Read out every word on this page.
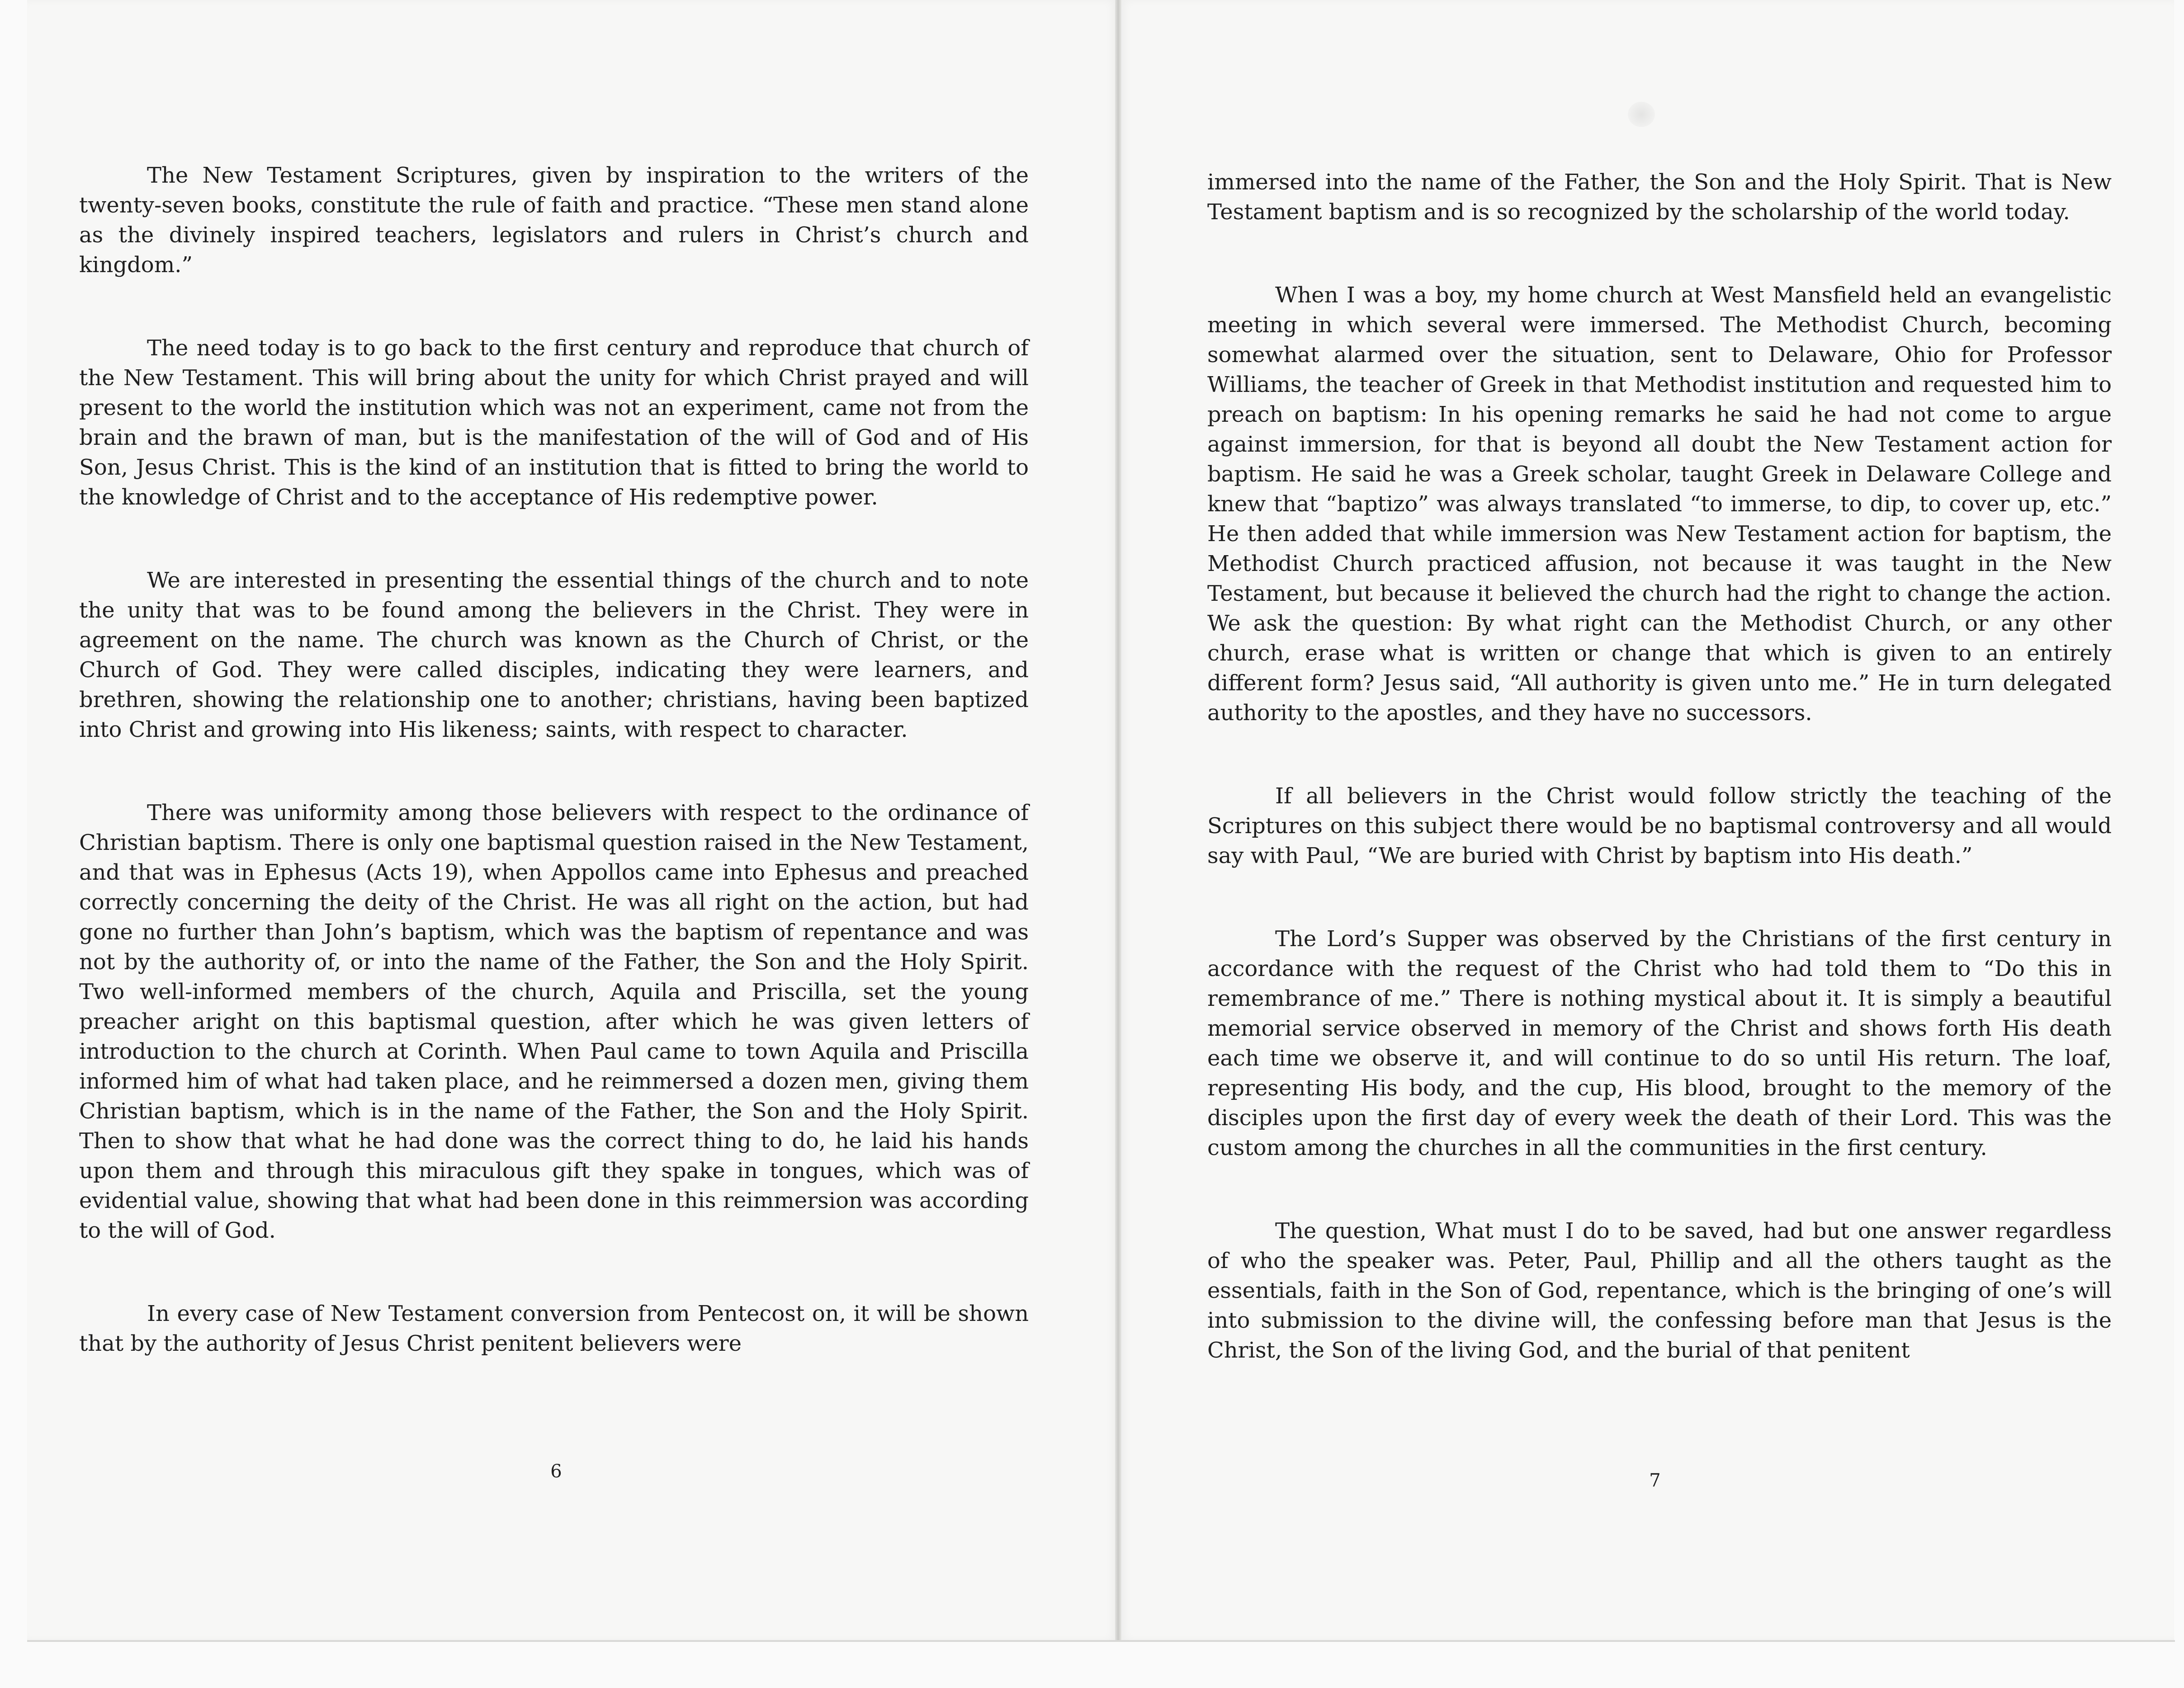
The New Testament Scriptures, given by inspiration to the writers of the twenty-seven books, constitute the rule of faith and practice. “These men stand alone as the divinely inspired teachers, legislators and rulers in Christ’s church and kingdom.”

The need today is to go back to the first century and reproduce that church of the New Testament. This will bring about the unity for which Christ prayed and will present to the world the institution which was not an experiment, came not from the brain and the brawn of man, but is the manifestation of the will of God and of His Son, Jesus Christ. This is the kind of an institution that is fitted to bring the world to the knowledge of Christ and to the acceptance of His redemptive power.

We are interested in presenting the essential things of the church and to note the unity that was to be found among the believers in the Christ. They were in agreement on the name. The church was known as the Church of Christ, or the Church of God. They were called disciples, indicating they were learners, and brethren, showing the relationship one to another; christians, having been baptized into Christ and growing into His likeness; saints, with respect to character.

There was uniformity among those believers with respect to the ordinance of Christian baptism. There is only one baptismal question raised in the New Testament, and that was in Ephesus (Acts 19), when Appollos came into Ephesus and preached correctly concerning the deity of the Christ. He was all right on the action, but had gone no further than John’s baptism, which was the baptism of repentance and was not by the authority of, or into the name of the Father, the Son and the Holy Spirit. Two well-informed members of the church, Aquila and Priscilla, set the young preacher aright on this baptismal question, after which he was given letters of introduction to the church at Corinth. When Paul came to town Aquila and Priscilla informed him of what had taken place, and he reimmersed a dozen men, giving them Christian baptism, which is in the name of the Father, the Son and the Holy Spirit. Then to show that what he had done was the correct thing to do, he laid his hands upon them and through this miraculous gift they spake in tongues, which was of evidential value, showing that what had been done in this reimmersion was according to the will of God.

In every case of New Testament conversion from Pentecost on, it will be shown that by the authority of Jesus Christ penitent believers were

6

immersed into the name of the Father, the Son and the Holy Spirit. That is New Testament baptism and is so recognized by the scholarship of the world today.

When I was a boy, my home church at West Mansfield held an evangelistic meeting in which several were immersed. The Methodist Church, becoming somewhat alarmed over the situation, sent to Delaware, Ohio for Professor Williams, the teacher of Greek in that Methodist institution and requested him to preach on baptism: In his opening remarks he said he had not come to argue against immersion, for that is beyond all doubt the New Testament action for baptism. He said he was a Greek scholar, taught Greek in Delaware College and knew that “baptizo” was always translated “to immerse, to dip, to cover up, etc.” He then added that while immersion was New Testament action for baptism, the Methodist Church practiced affusion, not because it was taught in the New Testament, but because it believed the church had the right to change the action. We ask the question: By what right can the Methodist Church, or any other church, erase what is written or change that which is given to an entirely different form? Jesus said, “All authority is given unto me.” He in turn delegated authority to the apostles, and they have no successors.

If all believers in the Christ would follow strictly the teaching of the Scriptures on this subject there would be no baptismal controversy and all would say with Paul, “We are buried with Christ by baptism into His death.”

The Lord’s Supper was observed by the Christians of the first century in accordance with the request of the Christ who had told them to “Do this in remembrance of me.” There is nothing mystical about it. It is simply a beautiful memorial service observed in memory of the Christ and shows forth His death each time we observe it, and will continue to do so until His return. The loaf, representing His body, and the cup, His blood, brought to the memory of the disciples upon the first day of every week the death of their Lord. This was the custom among the churches in all the communities in the first century.

The question, What must I do to be saved, had but one answer regardless of who the speaker was. Peter, Paul, Phillip and all the others taught as the essentials, faith in the Son of God, repentance, which is the bringing of one’s will into submission to the divine will, the confessing before man that Jesus is the Christ, the Son of the living God, and the burial of that penitent

7
